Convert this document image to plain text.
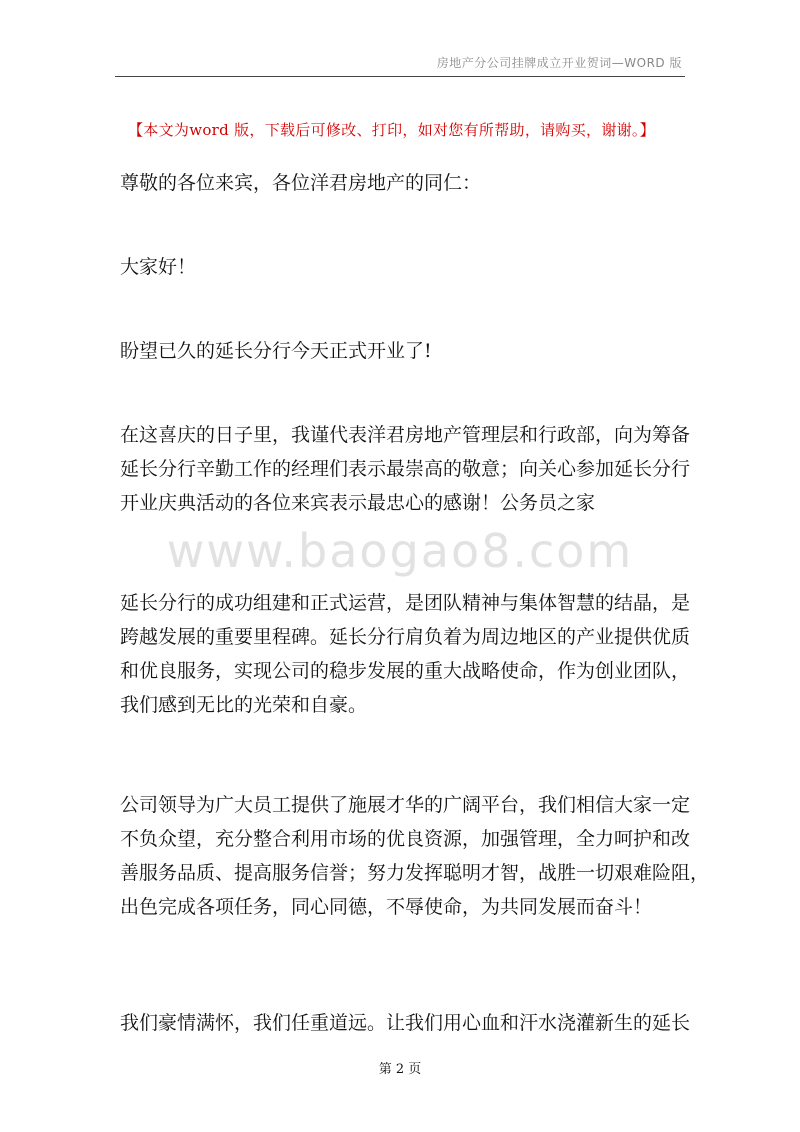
房地产分公司挂牌成立开业贺词—WORD 版
【本文为word 版，下载后可修改、打印，如对您有所帮助，请购买，谢谢。】
www.baogao8.com

尊敬的各位来宾，各位洋君房地产的同仁：

大家好！

盼望已久的延长分行今天正式开业了!

在这喜庆的日子里，我谨代表洋君房地产管理层和行政部，向为筹备
延长分行辛勤工作的经理们表示最崇高的敬意；向关心参加延长分行
开业庆典活动的各位来宾表示最忠心的感谢！公务员之家

延长分行的成功组建和正式运营，是团队精神与集体智慧的结晶，是
跨越发展的重要里程碑。延长分行肩负着为周边地区的产业提供优质
和优良服务，实现公司的稳步发展的重大战略使命，作为创业团队，
我们感到无比的光荣和自豪。

公司领导为广大员工提供了施展才华的广阔平台，我们相信大家一定
不负众望，充分整合利用市场的优良资源，加强管理，全力呵护和改
善服务品质、提高服务信誉；努力发挥聪明才智，战胜一切艰难险阻，
出色完成各项任务，同心同德，不辱使命，为共同发展而奋斗！

我们豪情满怀，我们任重道远。让我们用心血和汗水浇灌新生的延长

第 2 页
